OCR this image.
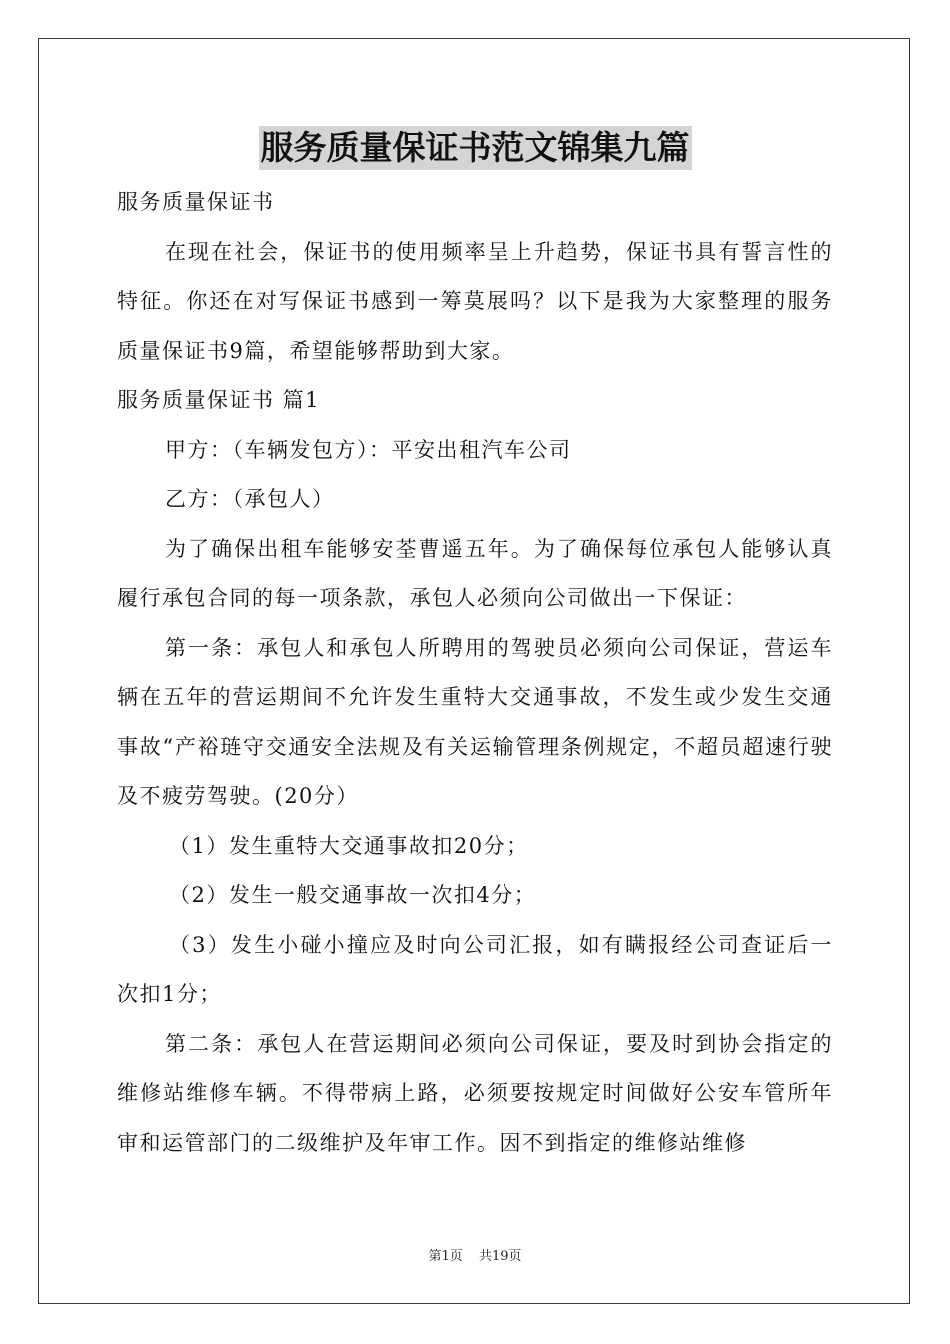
服务质量保证书范文锦集九篇

服务质量保证书

在现在社会，保证书的使用频率呈上升趋势，保证书具有誓言性的特征。你还在对写保证书感到一筹莫展吗？以下是我为大家整理的服务质量保证书9篇，希望能够帮助到大家。

服务质量保证书 篇1

甲方：（车辆发包方）：平安出租汽车公司

乙方：（承包人）

为了确保出租车能够安荃曹遥五年。为了确保每位承包人能够认真履行承包合同的每一项条款，承包人必须向公司做出一下保证：

第一条：承包人和承包人所聘用的驾驶员必须向公司保证，营运车辆在五年的营运期间不允许发生重特大交通事故，不发生或少发生交通事故“产裕琏守交通安全法规及有关运输管理条例规定，不超员超速行驶及不疲劳驾驶。(20分）

（1）发生重特大交通事故扣20分；

（2）发生一般交通事故一次扣4分；

（3）发生小碰小撞应及时向公司汇报，如有瞒报经公司查证后一次扣1分；

第二条：承包人在营运期间必须向公司保证，要及时到协会指定的维修站维修车辆。不得带病上路，必须要按规定时间做好公安车管所年审和运管部门的二级维护及年审工作。因不到指定的维修站维修

第1页 共19页
